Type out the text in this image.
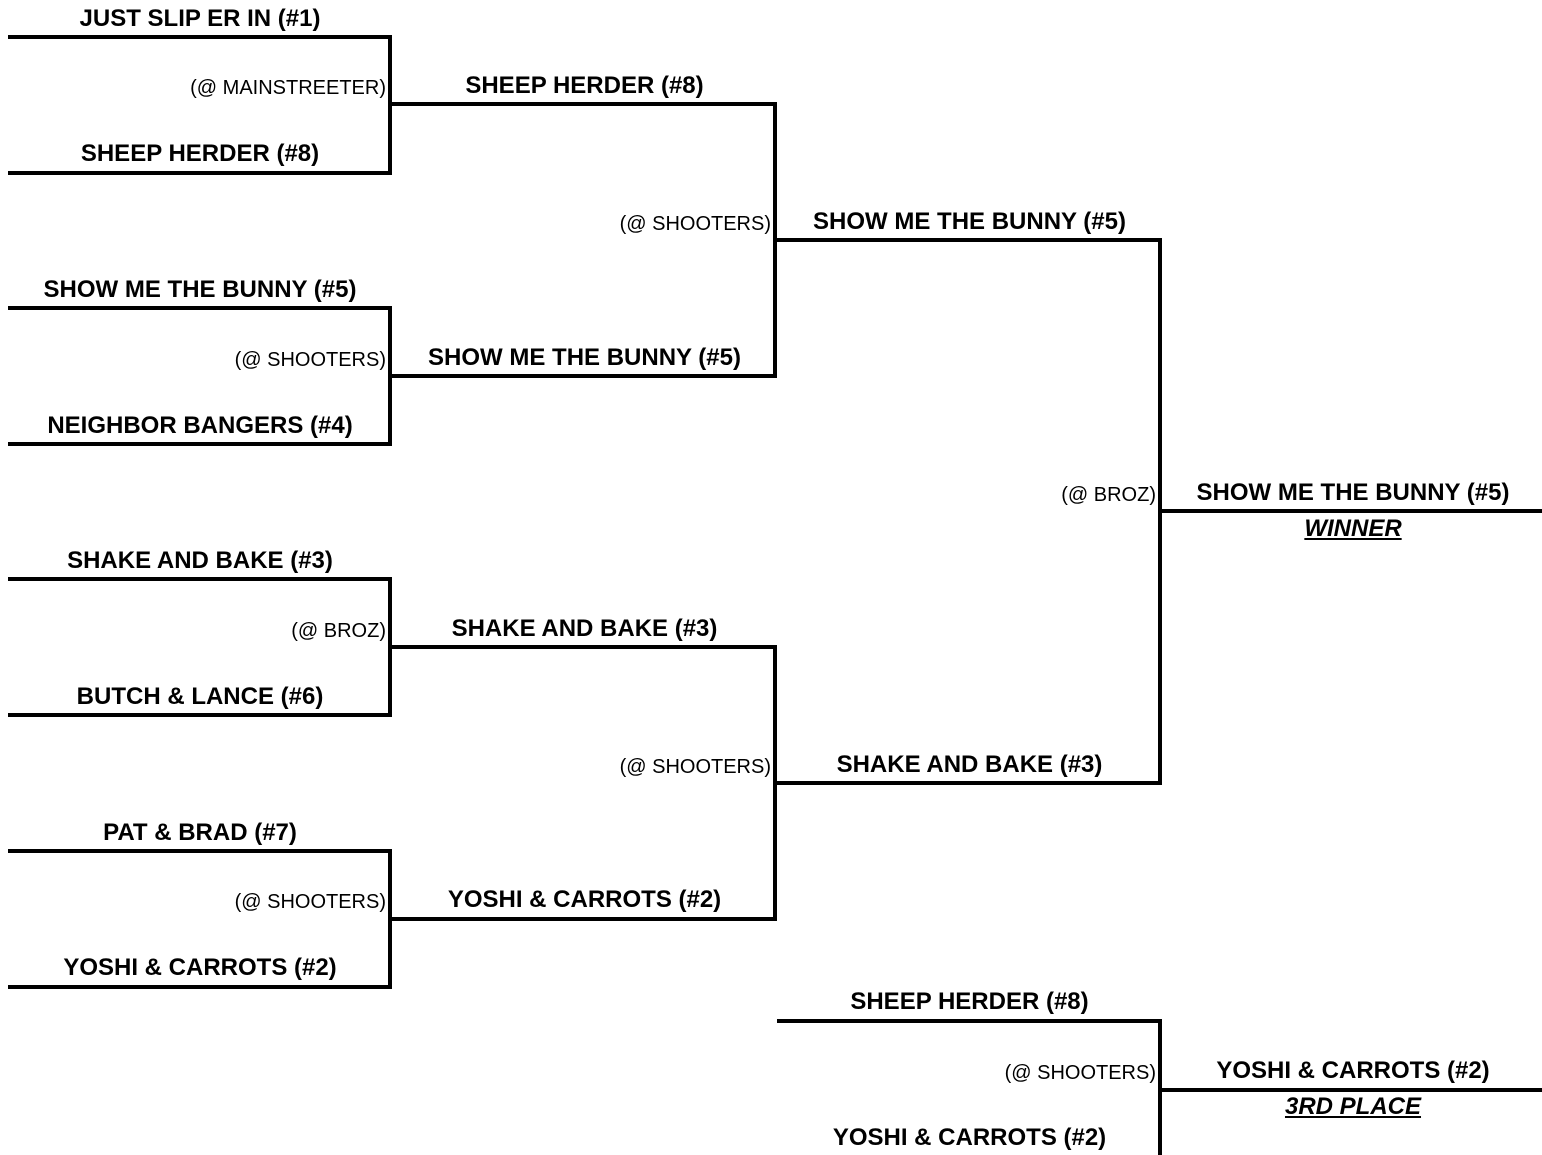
JUST SLIP ER IN (#1)
(@ MAINSTREETER)
SHEEP HERDER (#8)
SHOW ME THE BUNNY (#5)
(@ SHOOTERS)
NEIGHBOR BANGERS (#4)
SHAKE AND BAKE (#3)
(@ BROZ)
BUTCH & LANCE (#6)
PAT & BRAD (#7)
(@ SHOOTERS)
YOSHI & CARROTS (#2)
SHEEP HERDER (#8)
(@ SHOOTERS)
SHOW ME THE BUNNY (#5)
SHAKE AND BAKE (#3)
(@ SHOOTERS)
YOSHI & CARROTS (#2)
SHOW ME THE BUNNY (#5)
(@ BROZ)
SHAKE AND BAKE (#3)
SHOW ME THE BUNNY (#5)
WINNER
SHEEP HERDER (#8)
(@ SHOOTERS)
YOSHI & CARROTS (#2)
YOSHI & CARROTS (#2)
3RD PLACE
